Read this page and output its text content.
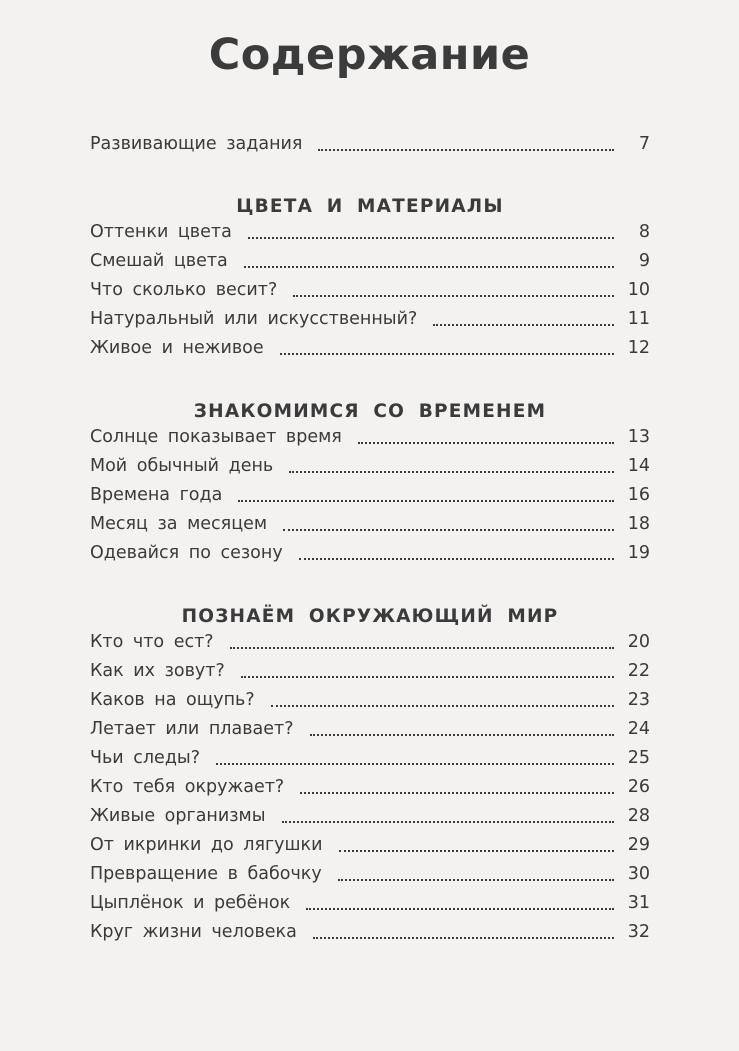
Содержание
Развивающие задания	7
ЦВЕТА И МАТЕРИАЛЫ
Оттенки цвета	8
Смешай цвета	9
Что сколько весит?	10
Натуральный или искусственный?	11
Живое и неживое	12
ЗНАКОМИМСЯ СО ВРЕМЕНЕМ
Солнце показывает время	13
Мой обычный день	14
Времена года	16
Месяц за месяцем	18
Одевайся по сезону	19
ПОЗНАЁМ ОКРУЖАЮЩИЙ МИР
Кто что ест?	20
Как их зовут?	22
Каков на ощупь?	23
Летает или плавает?	24
Чьи следы?	25
Кто тебя окружает?	26
Живые организмы	28
От икринки до лягушки	29
Превращение в бабочку	30
Цыплёнок и ребёнок	31
Круг жизни человека	32
